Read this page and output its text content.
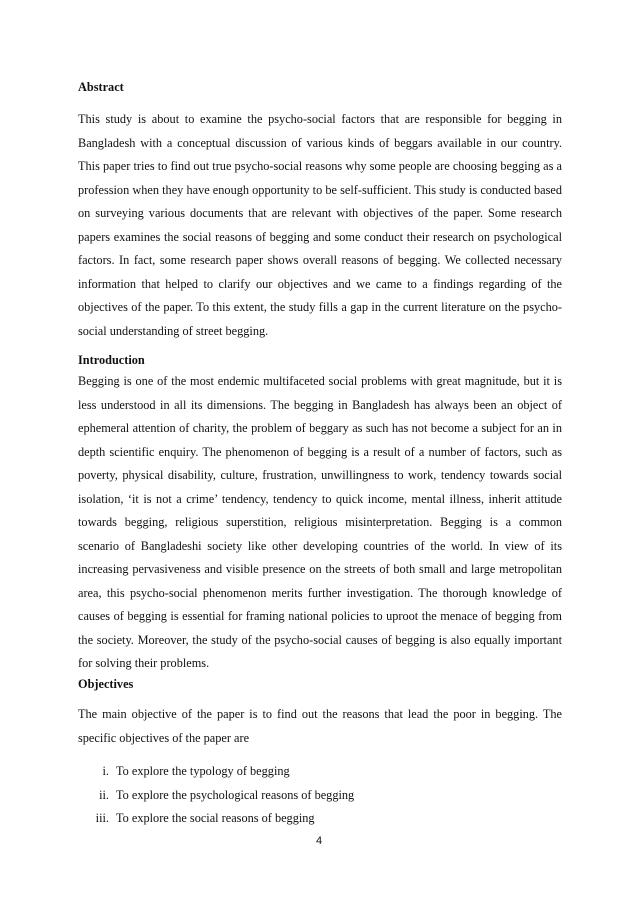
Abstract
This study is about to examine the psycho-social factors that are responsible for begging in Bangladesh with a conceptual discussion of various kinds of beggars available in our country. This paper tries to find out true psycho-social reasons why some people are choosing begging as a profession when they have enough opportunity to be self-sufficient. This study is conducted based on surveying various documents that are relevant with objectives of the paper. Some research papers examines the social reasons of begging and some conduct their research on psychological factors. In fact, some research paper shows overall reasons of begging. We collected necessary information that helped to clarify our objectives and we came to a findings regarding of the objectives of the paper. To this extent, the study fills a gap in the current literature on the psycho-social understanding of street begging.
Introduction
Begging is one of the most endemic multifaceted social problems with great magnitude, but it is less understood in all its dimensions. The begging in Bangladesh has always been an object of ephemeral attention of charity, the problem of beggary as such has not become a subject for an in depth scientific enquiry. The phenomenon of begging is a result of a number of factors, such as poverty, physical disability, culture, frustration, unwillingness to work, tendency towards social isolation, ‘it is not a crime’ tendency, tendency to quick income, mental illness, inherit attitude towards begging, religious superstition, religious misinterpretation. Begging is a common scenario of Bangladeshi society like other developing countries of the world. In view of its increasing pervasiveness and visible presence on the streets of both small and large metropolitan area, this psycho-social phenomenon merits further investigation. The thorough knowledge of causes of begging is essential for framing national policies to uproot the menace of begging from the society. Moreover, the study of the psycho-social causes of begging is also equally important for solving their problems.
Objectives
The main objective of the paper is to find out the reasons that lead the poor in begging. The specific objectives of the paper are
i. To explore the typology of begging
ii. To explore the psychological reasons of begging
iii. To explore the social reasons of begging
4
